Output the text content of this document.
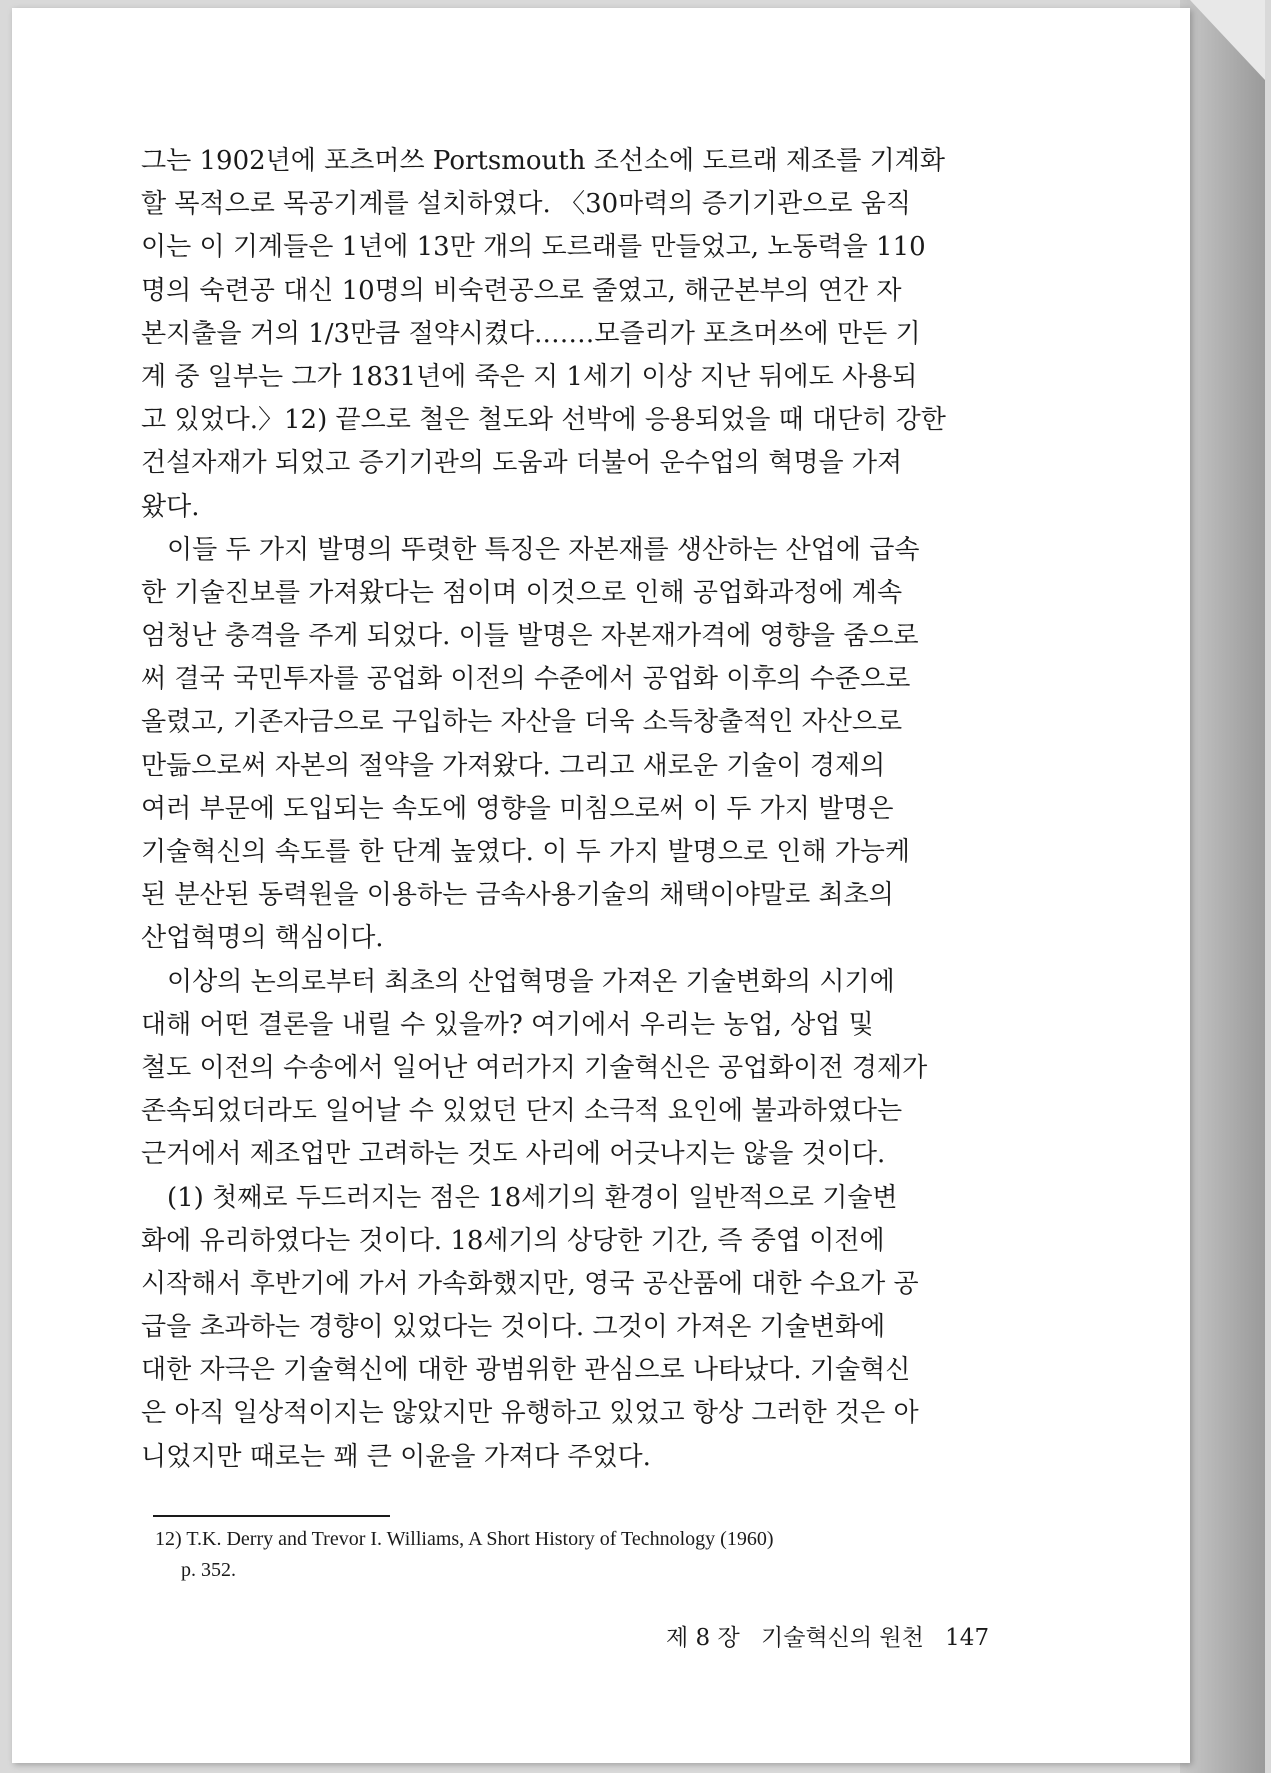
그는 1902년에 포츠머쓰 Portsmouth 조선소에 도르래 제조를 기계화
할 목적으로 목공기계를 설치하였다. 〈30마력의 증기기관으로 움직
이는 이 기계들은 1년에 13만 개의 도르래를 만들었고, 노동력을 110
명의 숙련공 대신 10명의 비숙련공으로 줄였고, 해군본부의 연간 자
본지출을 거의 1/3만큼 절약시켰다.……모즐리가 포츠머쓰에 만든 기
계 중 일부는 그가 1831년에 죽은 지 1세기 이상 지난 뒤에도 사용되
고 있었다.〉12) 끝으로 철은 철도와 선박에 응용되었을 때 대단히 강한
건설자재가 되었고 증기기관의 도움과 더불어 운수업의 혁명을 가져
왔다.
이들 두 가지 발명의 뚜렷한 특징은 자본재를 생산하는 산업에 급속
한 기술진보를 가져왔다는 점이며 이것으로 인해 공업화과정에 계속
엄청난 충격을 주게 되었다. 이들 발명은 자본재가격에 영향을 줌으로
써 결국 국민투자를 공업화 이전의 수준에서 공업화 이후의 수준으로
올렸고, 기존자금으로 구입하는 자산을 더욱 소득창출적인 자산으로
만듦으로써 자본의 절약을 가져왔다. 그리고 새로운 기술이 경제의
여러 부문에 도입되는 속도에 영향을 미침으로써 이 두 가지 발명은
기술혁신의 속도를 한 단계 높였다. 이 두 가지 발명으로 인해 가능케
된 분산된 동력원을 이용하는 금속사용기술의 채택이야말로 최초의
산업혁명의 핵심이다.
이상의 논의로부터 최초의 산업혁명을 가져온 기술변화의 시기에
대해 어떤 결론을 내릴 수 있을까? 여기에서 우리는 농업, 상업 및
철도 이전의 수송에서 일어난 여러가지 기술혁신은 공업화이전 경제가
존속되었더라도 일어날 수 있었던 단지 소극적 요인에 불과하였다는
근거에서 제조업만 고려하는 것도 사리에 어긋나지는 않을 것이다.
(1) 첫째로 두드러지는 점은 18세기의 환경이 일반적으로 기술변
화에 유리하였다는 것이다. 18세기의 상당한 기간, 즉 중엽 이전에
시작해서 후반기에 가서 가속화했지만, 영국 공산품에 대한 수요가 공
급을 초과하는 경향이 있었다는 것이다. 그것이 가져온 기술변화에
대한 자극은 기술혁신에 대한 광범위한 관심으로 나타났다. 기술혁신
은 아직 일상적이지는 않았지만 유행하고 있었고 항상 그러한 것은 아
니었지만 때로는 꽤 큰 이윤을 가져다 주었다.
12) T.K. Derry and Trevor I. Williams, A Short History of Technology (1960)
p. 352.
제 8 장 기술혁신의 원천 147
